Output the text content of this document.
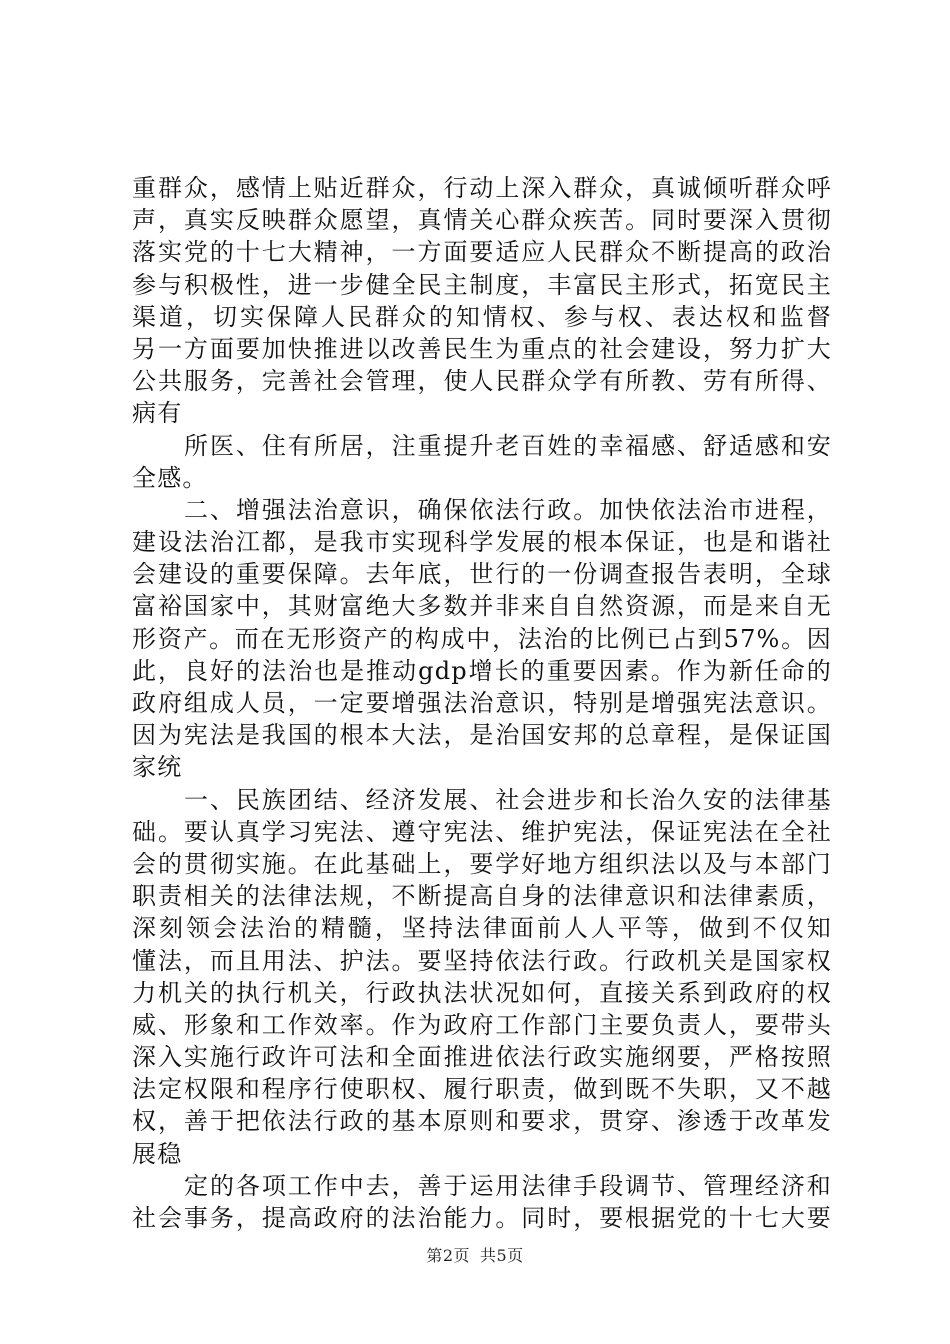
重群众，感情上贴近群众，行动上深入群众，真诚倾听群众呼
声，真实反映群众愿望，真情关心群众疾苦。同时要深入贯彻
落实党的十七大精神，一方面要适应人民群众不断提高的政治
参与积极性，进一步健全民主制度，丰富民主形式，拓宽民主
渠道，切实保障人民群众的知情权、参与权、表达权和监督
另一方面要加快推进以改善民生为重点的社会建设，努力扩大
公共服务，完善社会管理，使人民群众学有所教、劳有所得、
病有
所医、住有所居，注重提升老百姓的幸福感、舒适感和安
全感。
二、增强法治意识，确保依法行政。加快依法治市进程，
建设法治江都，是我市实现科学发展的根本保证，也是和谐社
会建设的重要保障。去年底，世行的一份调查报告表明，全球
富裕国家中，其财富绝大多数并非来自自然资源，而是来自无
形资产。而在无形资产的构成中，法治的比例已占到57%。因
此，良好的法治也是推动gdp增长的重要因素。作为新任命的
政府组成人员，一定要增强法治意识，特别是增强宪法意识。
因为宪法是我国的根本大法，是治国安邦的总章程，是保证国
家统
一、民族团结、经济发展、社会进步和长治久安的法律基
础。要认真学习宪法、遵守宪法、维护宪法，保证宪法在全社
会的贯彻实施。在此基础上，要学好地方组织法以及与本部门
职责相关的法律法规，不断提高自身的法律意识和法律素质，
深刻领会法治的精髓，坚持法律面前人人平等，做到不仅知
懂法，而且用法、护法。要坚持依法行政。行政机关是国家权
力机关的执行机关，行政执法状况如何，直接关系到政府的权
威、形象和工作效率。作为政府工作部门主要负责人，要带头
深入实施行政许可法和全面推进依法行政实施纲要，严格按照
法定权限和程序行使职权、履行职责，做到既不失职，又不越
权，善于把依法行政的基本原则和要求，贯穿、渗透于改革发
展稳
定的各项工作中去，善于运用法律手段调节、管理经济和
社会事务，提高政府的法治能力。同时，要根据党的十七大要
第2页 共5页
